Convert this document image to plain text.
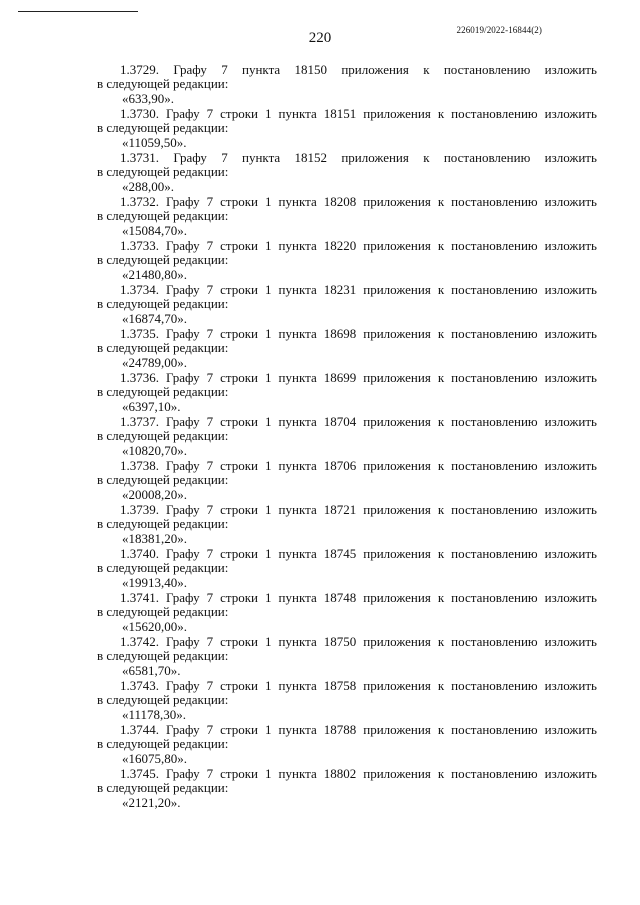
220	226019/2022-16844(2)
1.3729. Графу 7 пункта 18150 приложения к постановлению изложить
в следующей редакции:
«633,90».
1.3730. Графу 7 строки 1 пункта 18151 приложения к постановлению изложить
в следующей редакции:
«11059,50».
1.3731. Графу 7 пункта 18152 приложения к постановлению изложить
в следующей редакции:
«288,00».
1.3732. Графу 7 строки 1 пункта 18208 приложения к постановлению изложить
в следующей редакции:
«15084,70».
1.3733. Графу 7 строки 1 пункта 18220 приложения к постановлению изложить
в следующей редакции:
«21480,80».
1.3734. Графу 7 строки 1 пункта 18231 приложения к постановлению изложить
в следующей редакции:
«16874,70».
1.3735. Графу 7 строки 1 пункта 18698 приложения к постановлению изложить
в следующей редакции:
«24789,00».
1.3736. Графу 7 строки 1 пункта 18699 приложения к постановлению изложить
в следующей редакции:
«6397,10».
1.3737. Графу 7 строки 1 пункта 18704 приложения к постановлению изложить
в следующей редакции:
«10820,70».
1.3738. Графу 7 строки 1 пункта 18706 приложения к постановлению изложить
в следующей редакции:
«20008,20».
1.3739. Графу 7 строки 1 пункта 18721 приложения к постановлению изложить
в следующей редакции:
«18381,20».
1.3740. Графу 7 строки 1 пункта 18745 приложения к постановлению изложить
в следующей редакции:
«19913,40».
1.3741. Графу 7 строки 1 пункта 18748 приложения к постановлению изложить
в следующей редакции:
«15620,00».
1.3742. Графу 7 строки 1 пункта 18750 приложения к постановлению изложить
в следующей редакции:
«6581,70».
1.3743. Графу 7 строки 1 пункта 18758 приложения к постановлению изложить
в следующей редакции:
«11178,30».
1.3744. Графу 7 строки 1 пункта 18788 приложения к постановлению изложить
в следующей редакции:
«16075,80».
1.3745. Графу 7 строки 1 пункта 18802 приложения к постановлению изложить
в следующей редакции:
«2121,20».
